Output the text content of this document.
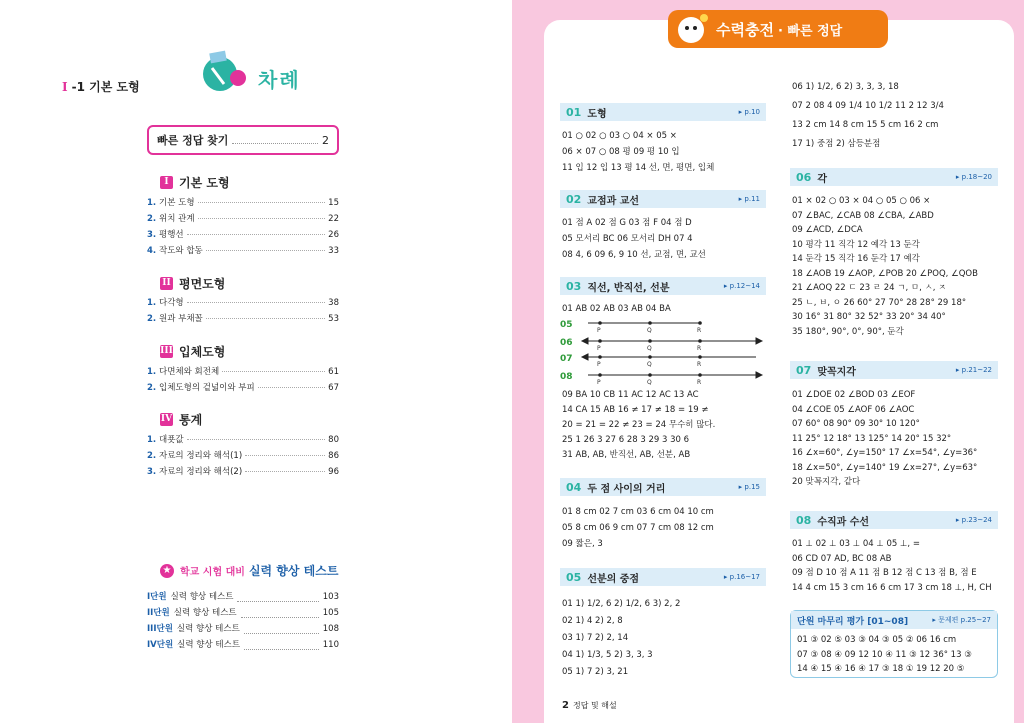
차례
빠른 정답 찾기	2
I 기본 도형
1. 기본 도형	15
2. 위치 관계	22
3. 평행선	26
4. 작도와 합동	33
II 평면도형
1. 다각형	38
2. 원과 부채꼴	53
III 입체도형
1. 다면체와 회전체	61
2. 입체도형의 겉넓이와 부피	67
IV 통계
1. 대푯값	80
2. 자료의 정리와 해석(1)	86
3. 자료의 정리와 해석(2)	96
★ 학교 시험 대비 실력 향상 테스트
I단원 실력 향상 테스트	103
II단원 실력 향상 테스트	105
III단원 실력 향상 테스트	108
IV단원 실력 향상 테스트	110
수력충전 · 빠른 정답
I -1 기본 도형
01 도형	▸ p.10
01 ○ 02 ○ 03 ○ 04 × 05 ×
06 × 07 ○ 08 평 09 평 10 입
11 입 12 입 13 평 14 선, 면, 평면, 입체
02 교점과 교선	▸ p.11
01 점 A 02 점 G 03 점 F 04 점 D
05 모서리 BC 06 모서리 DH 07 4
08 4, 6 09 6, 9 10 선, 교점, 면, 교선
03 직선, 반직선, 선분	▸ p.12~14
01 AB 02 AB 03 AB 04 BA
05
06
07
08
P	Q	R
P	Q	R
P	Q	R
P	Q	R
09 BA 10 CB 11 AC 12 AC 13 AC
14 CA 15 AB 16 ≠ 17 ≠ 18 = 19 ≠
20 = 21 = 22 ≠ 23 = 24 무수히 많다.
25 1 26 3 27 6 28 3 29 3 30 6
31 AB, AB, 반직선, AB, 선분, AB
04 두 점 사이의 거리	▸ p.15
01 8 cm 02 7 cm 03 6 cm 04 10 cm
05 8 cm 06 9 cm 07 7 cm 08 12 cm
09 짧은, 3
05 선분의 중점	▸ p.16~17
01 1) 1/2, 6 2) 1/2, 6 3) 2, 2
02 1) 4 2) 2, 8
03 1) 7 2) 2, 14
04 1) 1/3, 5 2) 3, 3, 3
05 1) 7 2) 3, 21
06 1) 1/2, 6 2) 3, 3, 3, 18
07 2 08 4 09 1/4 10 1/2 11 2 12 3/4
13 2 cm 14 8 cm 15 5 cm 16 2 cm
17 1) 중점 2) 삼등분점
06 각	▸ p.18~20
01 × 02 ○ 03 × 04 ○ 05 ○ 06 ×
07 ∠BAC, ∠CAB 08 ∠CBA, ∠ABD
09 ∠ACD, ∠DCA
10 평각 11 직각 12 예각 13 둔각
14 둔각 15 직각 16 둔각 17 예각
18 ∠AOB 19 ∠AOP, ∠POB 20 ∠POQ, ∠QOB
21 ∠AOQ 22 ㄷ 23 ㄹ 24 ㄱ, ㅁ, ㅅ, ㅈ
25 ㄴ, ㅂ, ㅇ 26 60° 27 70° 28 28° 29 18°
30 16° 31 80° 32 52° 33 20° 34 40°
35 180°, 90°, 0°, 90°, 둔각
07 맞꼭지각	▸ p.21~22
01 ∠DOE 02 ∠BOD 03 ∠EOF
04 ∠COE 05 ∠AOF 06 ∠AOC
07 60° 08 90° 09 30° 10 120°
11 25° 12 18° 13 125° 14 20° 15 32°
16 ∠x=60°, ∠y=150° 17 ∠x=54°, ∠y=36°
18 ∠x=50°, ∠y=140° 19 ∠x=27°, ∠y=63°
20 맞꼭지각, 같다
08 수직과 수선	▸ p.23~24
01 ⊥ 02 ⊥ 03 ⊥ 04 ⊥ 05 ⊥, =
06 CD 07 AD, BC 08 AB
09 점 D 10 점 A 11 점 B 12 점 C 13 점 B, 점 E
14 4 cm 15 3 cm 16 6 cm 17 3 cm 18 ⊥, H, CH
단원 마무리 평가 [01~08]	▸ 문제편 p.25~27
01 ③ 02 ⑤ 03 ③ 04 ③ 05 ② 06 16 cm
07 ③ 08 ④ 09 12 10 ④ 11 ③ 12 36° 13 ③
14 ④ 15 ④ 16 ④ 17 ③ 18 ① 19 12 20 ⑤
2 정답 및 해설
